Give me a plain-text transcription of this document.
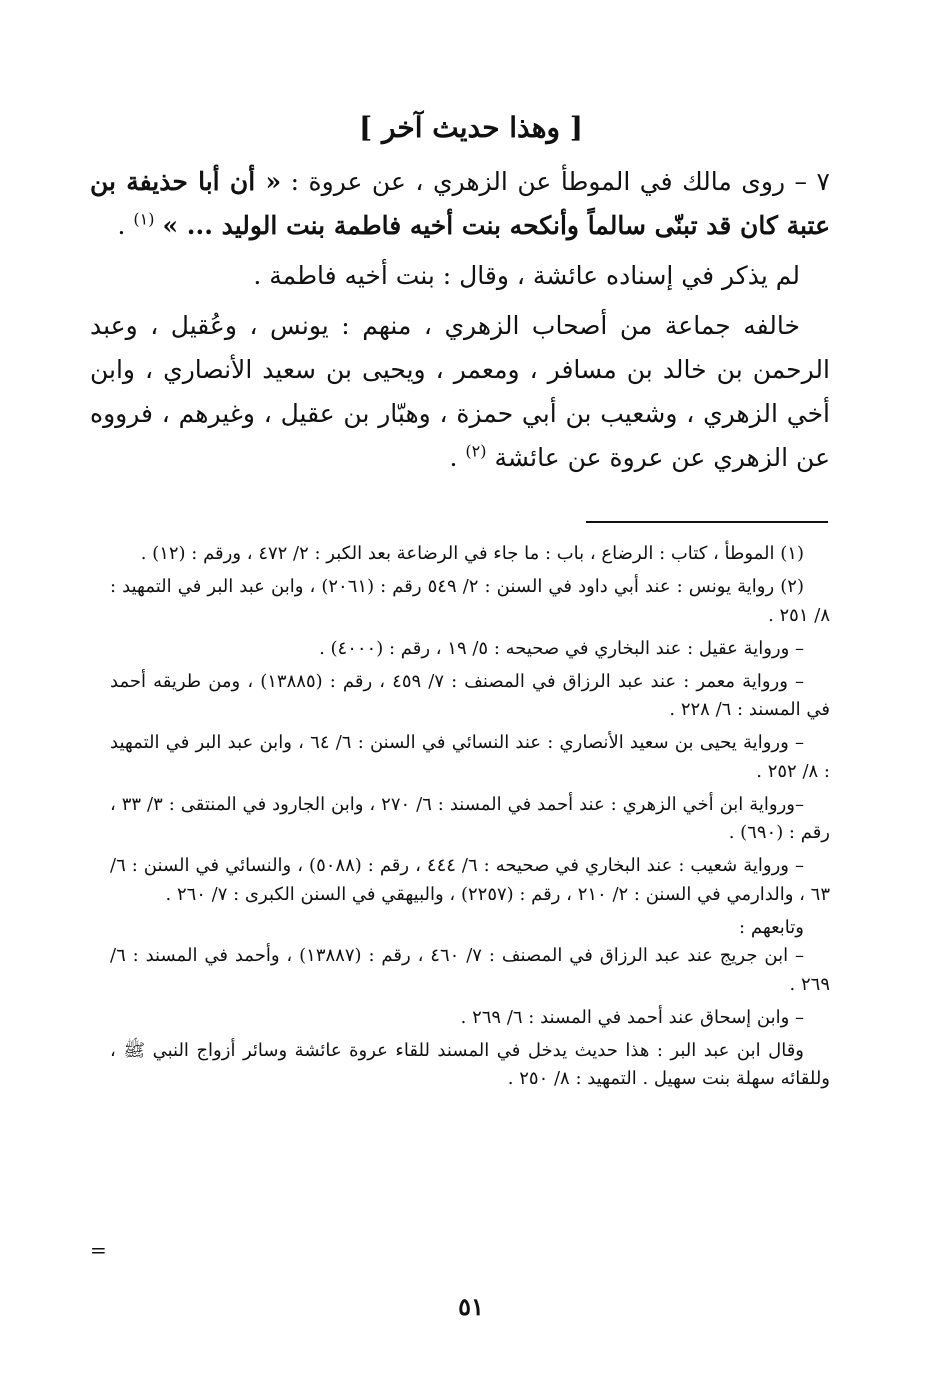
[ وهذا حديث آخر ]

٧ – روى مالك في الموطأ عن الزهري ، عن عروة : « أن أبا حذيفة بن عتبة كان قد تبنّى سالماً وأنكحه بنت أخيه فاطمة بنت الوليد ... » $^{(١)}$ .

لم يذكر في إسناده عائشة ، وقال : بنت أخيه فاطمة .

خالفه جماعة من أصحاب الزهري ، منهم : يونس ، وعُقيل ، وعبد الرحمن بن خالد بن مسافر ، ومعمر ، ويحيى بن سعيد الأنصاري ، وابن أخي الزهري ، وشعيب بن أبي حمزة ، وهبّار بن عقيل ، وغيرهم ، فرووه عن الزهري عن عروة عن عائشة $^{(٢)}$ .

(١) الموطأ ، كتاب : الرضاع ، باب : ما جاء في الرضاعة بعد الكبر : ٢/ ٤٧٢ ، ورقم : (١٢) .

(٢) رواية يونس : عند أبي داود في السنن : ٢/ ٥٤٩ رقم : (٢٠٦١) ، وابن عبد البر في التمهيد : ٨/ ٢٥١ .

– ورواية عقيل : عند البخاري في صحيحه : ٥/ ١٩ ، رقم : (٤٠٠٠) .

– ورواية معمر : عند عبد الرزاق في المصنف : ٧/ ٤٥٩ ، رقم : (١٣٨٨٥) ، ومن طريقه أحمد في المسند : ٦/ ٢٢٨ .

– ورواية يحيى بن سعيد الأنصاري : عند النسائي في السنن : ٦/ ٦٤ ، وابن عبد البر في التمهيد : ٨/ ٢٥٢ .

–ورواية ابن أخي الزهري : عند أحمد في المسند : ٦/ ٢٧٠ ، وابن الجارود في المنتقى : ٣/ ٣٣ ، رقم : (٦٩٠) .

– ورواية شعيب : عند البخاري في صحيحه : ٦/ ٤٤٤ ، رقم : (٥٠٨٨) ، والنسائي في السنن : ٦/ ٦٣ ، والدارمي في السنن : ٢/ ٢١٠ ، رقم : (٢٢٥٧) ، والبيهقي في السنن الكبرى : ٧/ ٢٦٠ .

وتابعهم :

– ابن جريج عند عبد الرزاق في المصنف : ٧/ ٤٦٠ ، رقم : (١٣٨٨٧) ، وأحمد في المسند : ٦/ ٢٦٩ .

– وابن إسحاق عند أحمد في المسند : ٦/ ٢٦٩ .

وقال ابن عبد البر : هذا حديث يدخل في المسند للقاء عروة عائشة وسائر أزواج النبي ﷺ ، وللقائه سهلة بنت سهيل . التمهيد : ٨/ ٢٥٠ .

=
٥١
